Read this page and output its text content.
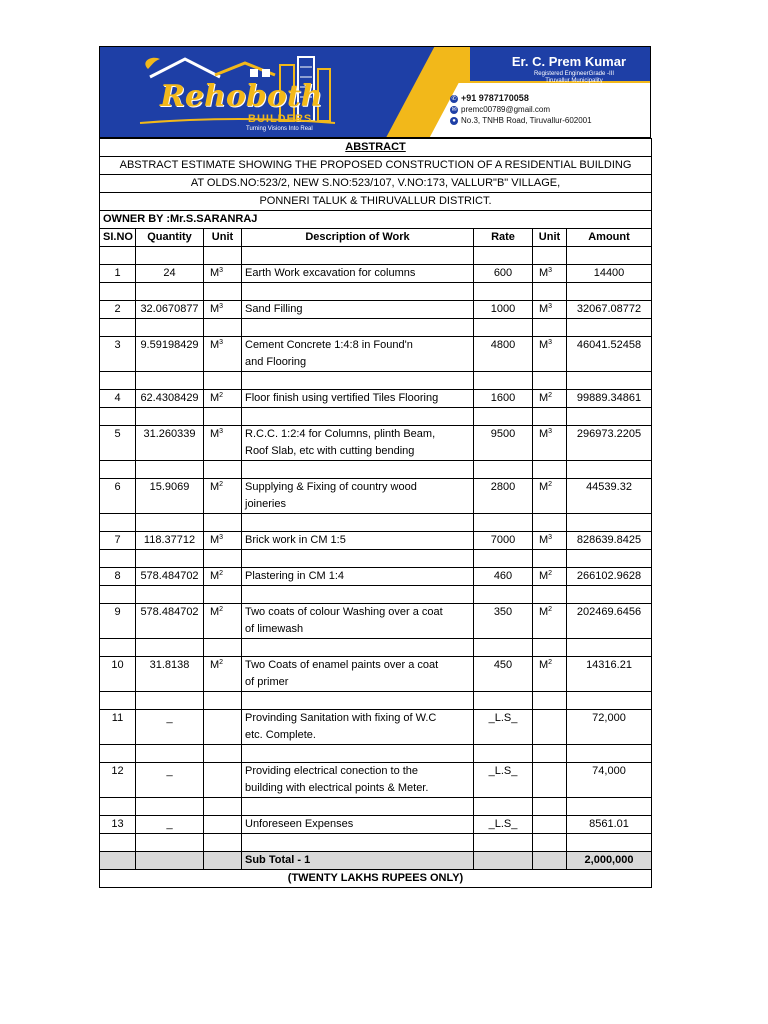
Rehoboth
BUILDERS
Turning Visions Into Real
Er. C. Prem Kumar
Registered EngineerGrade -III
Tiruvallur Municipality
✆ +91 9787170058
✉ premc00789@gmail.com
● No.3, TNHB Road, Tiruvallur-602001
ABSTRACT						
ABSTRACT ESTIMATE SHOWING THE PROPOSED CONSTRUCTION OF A RESIDENTIAL BUILDING						
AT OLDS.NO:523/2, NEW S.NO:523/107, V.NO:173, VALLUR"B" VILLAGE,						
PONNERI TALUK & THIRUVALLUR DISTRICT.						
OWNER BY :Mr.S.SARANRAJ						
SI.NO	Quantity	Unit	Description of Work	Rate	Unit	Amount

1	24	$M^3$	Earth Work excavation for columns	600	$M^3$	14400

2	32.0670877	$M^3$	Sand Filling	1000	$M^3$	32067.08772

3	9.59198429	$M^3$	Cement Concrete 1:4:8 in Found'n
and Flooring	4800	$M^3$	46041.52458

4	62.4308429	$M^2$	Floor finish using vertified Tiles Flooring	1600	$M^2$	99889.34861

5	31.260339	$M^3$	R.C.C. 1:2:4 for Columns, plinth Beam,
Roof Slab, etc with cutting bending	9500	$M^3$	296973.2205

6	15.9069	$M^2$	Supplying & Fixing of country wood
joineries	2800	$M^2$	44539.32

7	118.37712	$M^3$	Brick work in CM 1:5	7000	$M^3$	828639.8425

8	578.484702	$M^2$	Plastering in CM 1:4	460	$M^2$	266102.9628

9	578.484702	$M^2$	Two coats of colour Washing over a coat
of limewash	350	$M^2$	202469.6456

10	31.8138	$M^2$	Two Coats of enamel paints over a coat
of primer	450	$M^2$	14316.21

11	_		Provinding Sanitation with fixing of W.C
etc. Complete.	_L.S_		72,000

12	_		Providing electrical conection to the
building with electrical points & Meter.	_L.S_		74,000

13	_		Unforeseen Expenses	_L.S_		8561.01

			Sub Total - 1			2,000,000
(TWENTY LAKHS RUPEES ONLY)						
